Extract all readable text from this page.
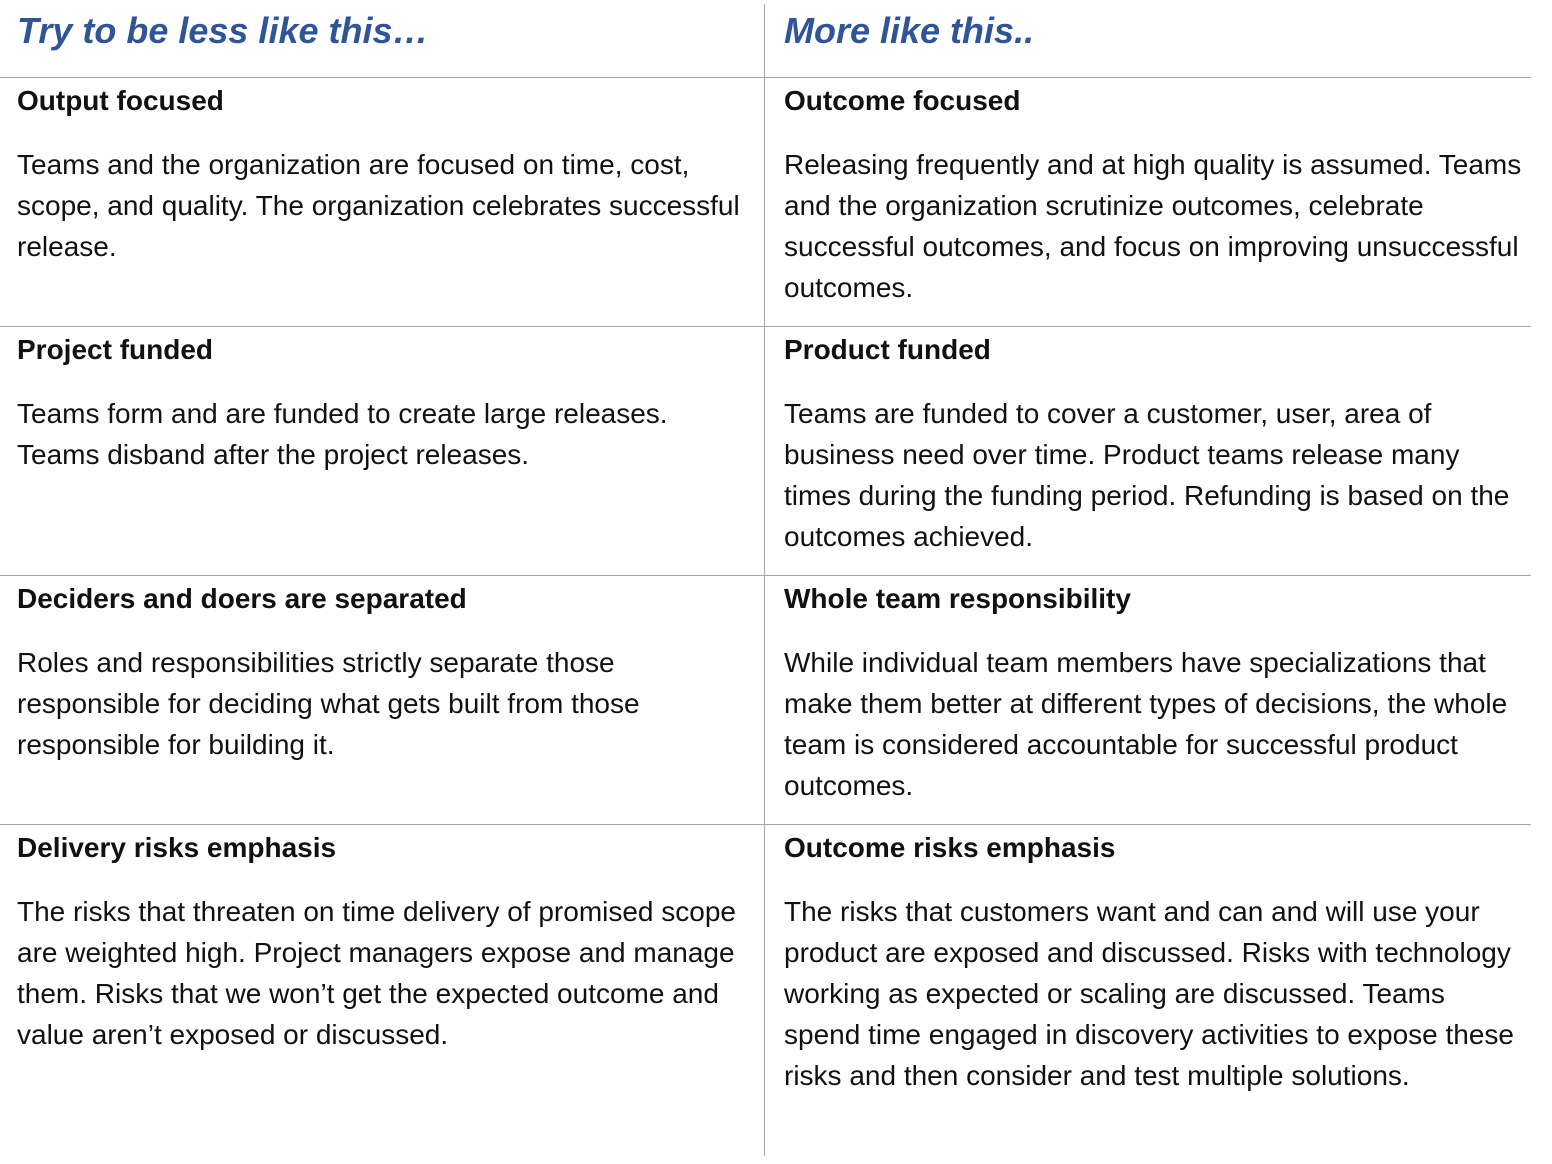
Try to be less like this…	More like this..
Output focused
Teams and the organization are focused on time, cost, scope, and quality. The organization celebrates successful release.
Outcome focused
Releasing frequently and at high quality is assumed. Teams and the organization scrutinize outcomes, celebrate successful outcomes, and focus on improving unsuccessful outcomes.
Project funded
Teams form and are funded to create large releases. Teams disband after the project releases.
Product funded
Teams are funded to cover a customer, user, area of business need over time. Product teams release many times during the funding period. Refunding is based on the outcomes achieved.
Deciders and doers are separated
Roles and responsibilities strictly separate those responsible for deciding what gets built from those responsible for building it.
Whole team responsibility
While individual team members have specializations that make them better at different types of decisions, the whole team is considered accountable for successful product outcomes.
Delivery risks emphasis
The risks that threaten on time delivery of promised scope are weighted high. Project managers expose and manage them. Risks that we won’t get the expected outcome and value aren’t exposed or discussed.
Outcome risks emphasis
The risks that customers want and can and will use your product are exposed and discussed. Risks with technology working as expected or scaling are discussed. Teams spend time engaged in discovery activities to expose these risks and then consider and test multiple solutions.
